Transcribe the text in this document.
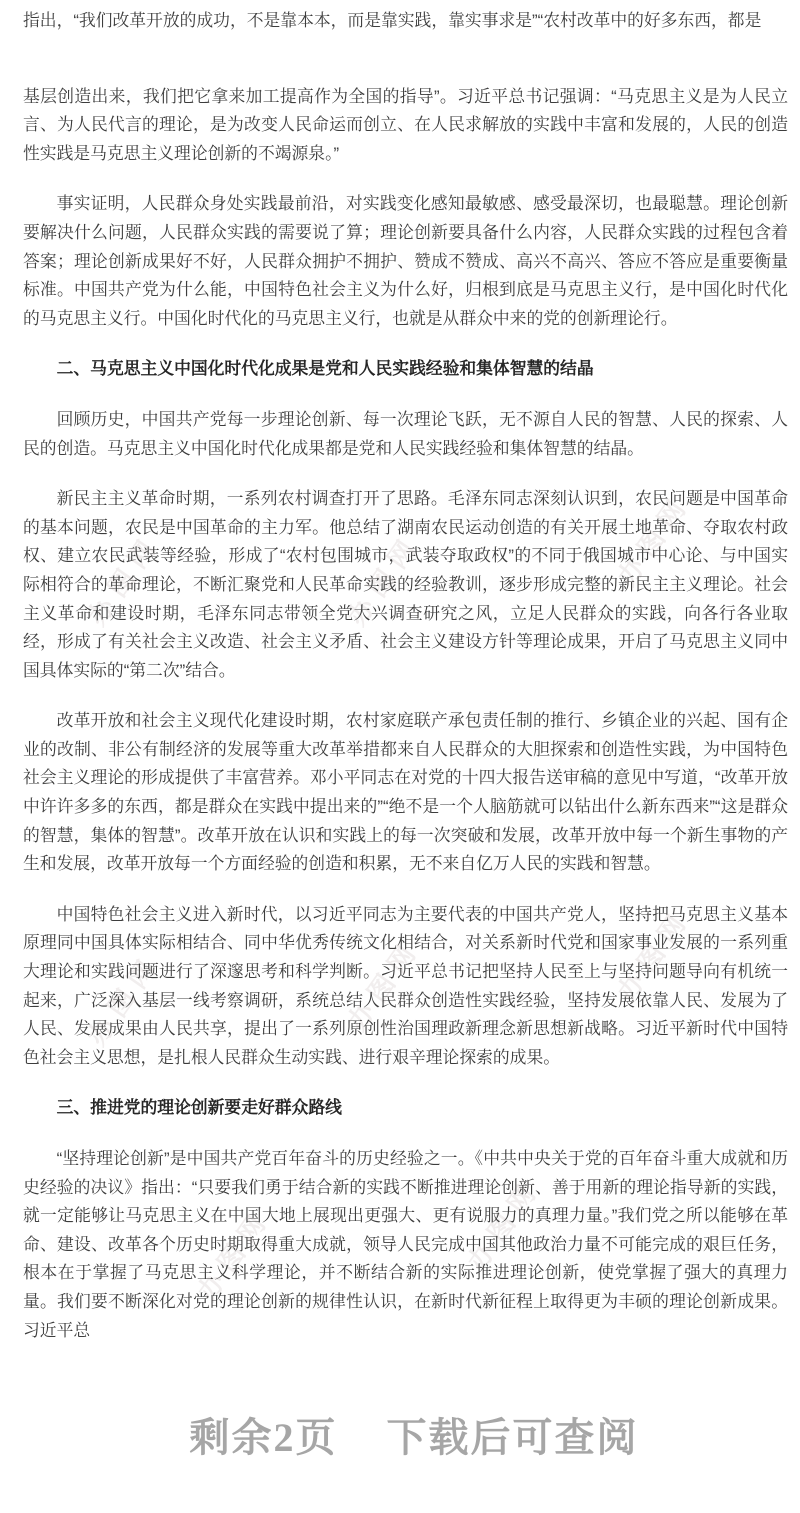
办图网	办图网	办图网
办图网	办图网	办图网
办图网	办图网

指出，“我们改革开放的成功，不是靠本本，而是靠实践，靠实事求是”“农村改革中的好多东西，都是

基层创造出来，我们把它拿来加工提高作为全国的指导”。习近平总书记强调：“马克思主义是为人民立言、为人民代言的理论，是为改变人民命运而创立、在人民求解放的实践中丰富和发展的，人民的创造性实践是马克思主义理论创新的不竭源泉。”

事实证明，人民群众身处实践最前沿，对实践变化感知最敏感、感受最深切，也最聪慧。理论创新要解决什么问题，人民群众实践的需要说了算；理论创新要具备什么内容，人民群众实践的过程包含着答案；理论创新成果好不好，人民群众拥护不拥护、赞成不赞成、高兴不高兴、答应不答应是重要衡量标准。中国共产党为什么能，中国特色社会主义为什么好，归根到底是马克思主义行，是中国化时代化的马克思主义行。中国化时代化的马克思主义行，也就是从群众中来的党的创新理论行。

二、马克思主义中国化时代化成果是党和人民实践经验和集体智慧的结晶

回顾历史，中国共产党每一步理论创新、每一次理论飞跃，无不源自人民的智慧、人民的探索、人民的创造。马克思主义中国化时代化成果都是党和人民实践经验和集体智慧的结晶。

新民主主义革命时期，一系列农村调查打开了思路。毛泽东同志深刻认识到，农民问题是中国革命的基本问题，农民是中国革命的主力军。他总结了湖南农民运动创造的有关开展土地革命、夺取农村政权、建立农民武装等经验，形成了“农村包围城市，武装夺取政权”的不同于俄国城市中心论、与中国实际相符合的革命理论，不断汇聚党和人民革命实践的经验教训，逐步形成完整的新民主主义理论。社会主义革命和建设时期，毛泽东同志带领全党大兴调查研究之风，立足人民群众的实践，向各行各业取经，形成了有关社会主义改造、社会主义矛盾、社会主义建设方针等理论成果，开启了马克思主义同中国具体实际的“第二次”结合。

改革开放和社会主义现代化建设时期，农村家庭联产承包责任制的推行、乡镇企业的兴起、国有企业的改制、非公有制经济的发展等重大改革举措都来自人民群众的大胆探索和创造性实践，为中国特色社会主义理论的形成提供了丰富营养。邓小平同志在对党的十四大报告送审稿的意见中写道，“改革开放中许许多多的东西，都是群众在实践中提出来的”“绝不是一个人脑筋就可以钻出什么新东西来”“这是群众的智慧，集体的智慧”。改革开放在认识和实践上的每一次突破和发展，改革开放中每一个新生事物的产生和发展，改革开放每一个方面经验的创造和积累，无不来自亿万人民的实践和智慧。

中国特色社会主义进入新时代，以习近平同志为主要代表的中国共产党人，坚持把马克思主义基本原理同中国具体实际相结合、同中华优秀传统文化相结合，对关系新时代党和国家事业发展的一系列重大理论和实践问题进行了深邃思考和科学判断。习近平总书记把坚持人民至上与坚持问题导向有机统一起来，广泛深入基层一线考察调研，系统总结人民群众创造性实践经验，坚持发展依靠人民、发展为了人民、发展成果由人民共享，提出了一系列原创性治国理政新理念新思想新战略。习近平新时代中国特色社会主义思想，是扎根人民群众生动实践、进行艰辛理论探索的成果。

三、推进党的理论创新要走好群众路线

“坚持理论创新”是中国共产党百年奋斗的历史经验之一。《中共中央关于党的百年奋斗重大成就和历史经验的决议》指出：“只要我们勇于结合新的实践不断推进理论创新、善于用新的理论指导新的实践，就一定能够让马克思主义在中国大地上展现出更强大、更有说服力的真理力量。”我们党之所以能够在革命、建设、改革各个历史时期取得重大成就，领导人民完成中国其他政治力量不可能完成的艰巨任务，根本在于掌握了马克思主义科学理论，并不断结合新的实际推进理论创新，使党掌握了强大的真理力量。我们要不断深化对党的理论创新的规律性认识，在新时代新征程上取得更为丰硕的理论创新成果。习近平总

剩余2页 下载后可查阅
